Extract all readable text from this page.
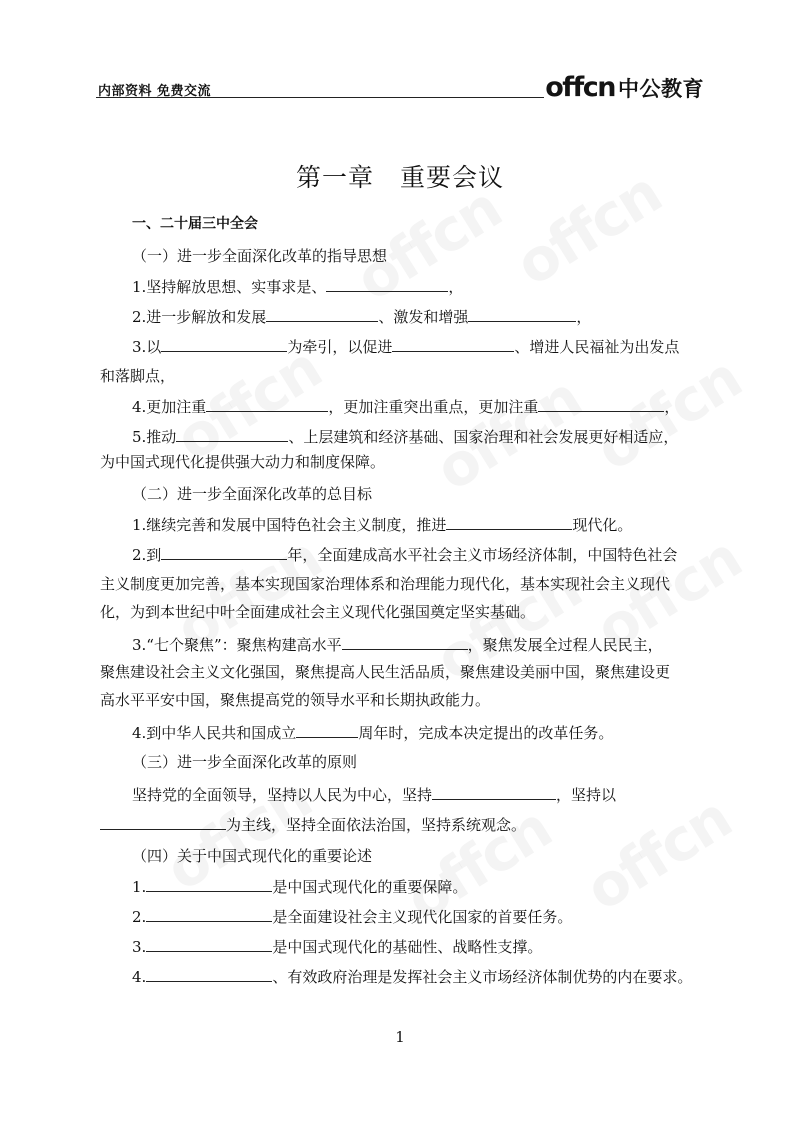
内部资料 免费交流	offcn 中公教育
第一章　重要会议
一、二十届三中全会
（一）进一步全面深化改革的指导思想
1.坚持解放思想、实事求是、	，
2.进一步解放和发展	、激发和增强	，
3.以	为牵引，以促进	、增进人民福祉为出发点
和落脚点，
4.更加注重	，更加注重突出重点，更加注重	，
5.推动	、上层建筑和经济基础、国家治理和社会发展更好相适应，
为中国式现代化提供强大动力和制度保障。
（二）进一步全面深化改革的总目标
1.继续完善和发展中国特色社会主义制度，推进	现代化。
2.到	年，全面建成高水平社会主义市场经济体制，中国特色社会
主义制度更加完善，基本实现国家治理体系和治理能力现代化，基本实现社会主义现代
化，为到本世纪中叶全面建成社会主义现代化强国奠定坚实基础。
3.“七个聚焦”：聚焦构建高水平	，聚焦发展全过程人民民主，
聚焦建设社会主义文化强国，聚焦提高人民生活品质，聚焦建设美丽中国，聚焦建设更
高水平平安中国，聚焦提高党的领导水平和长期执政能力。
4.到中华人民共和国成立	周年时，完成本决定提出的改革任务。
（三）进一步全面深化改革的原则
坚持党的全面领导，坚持以人民为中心，坚持	，坚持以
为主线，坚持全面依法治国，坚持系统观念。
（四）关于中国式现代化的重要论述
1.	是中国式现代化的重要保障。
2.	是全面建设社会主义现代化国家的首要任务。
3.	是中国式现代化的基础性、战略性支撑。
4.	、有效政府治理是发挥社会主义市场经济体制优势的内在要求。
1
